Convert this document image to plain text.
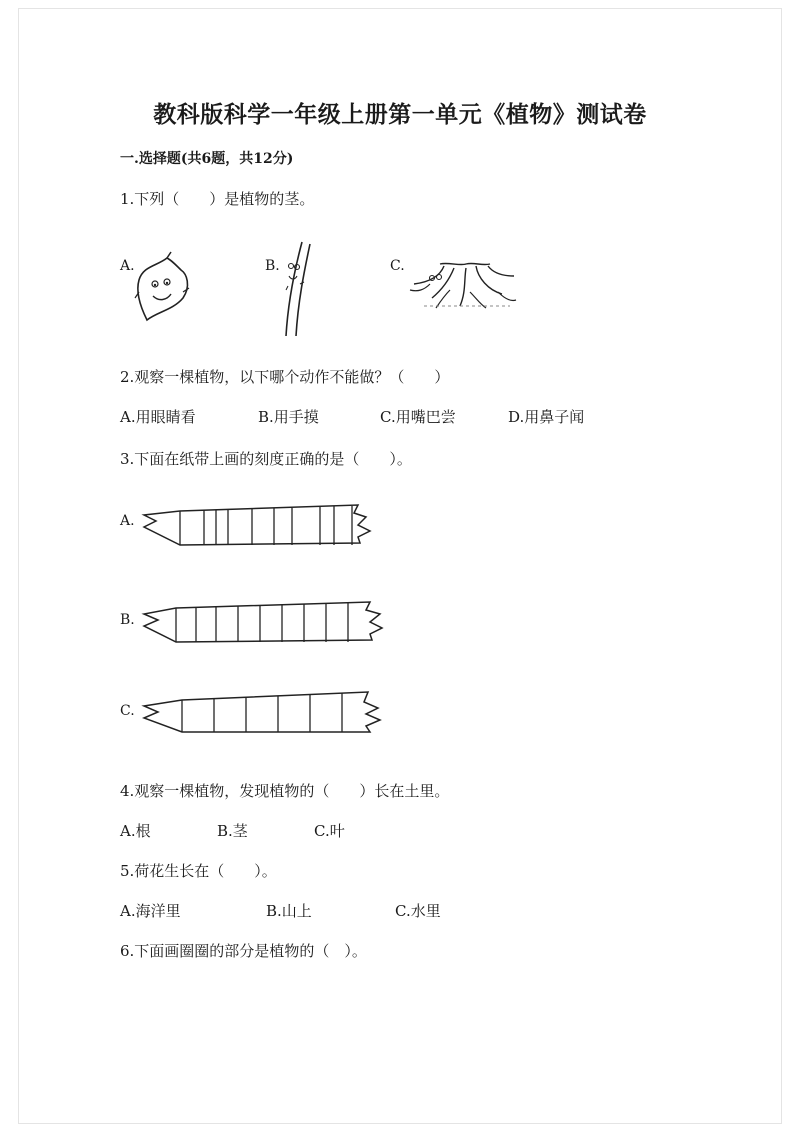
教科版科学一年级上册第一单元《植物》测试卷
一.选择题(共6题，共12分)
1.下列（　　）是植物的茎。
A.	B.	C.
2.观察一棵植物，以下哪个动作不能做？（　　）
A.用眼睛看	B.用手摸	C.用嘴巴尝	D.用鼻子闻
3.下面在纸带上画的刻度正确的是（　　）。
A.
B.
C.
4.观察一棵植物，发现植物的（　　）长在土里。
A.根	B.茎	C.叶
5.荷花生长在（　　）。
A.海洋里	B.山上	C.水里
6.下面画圈圈的部分是植物的（　）。
